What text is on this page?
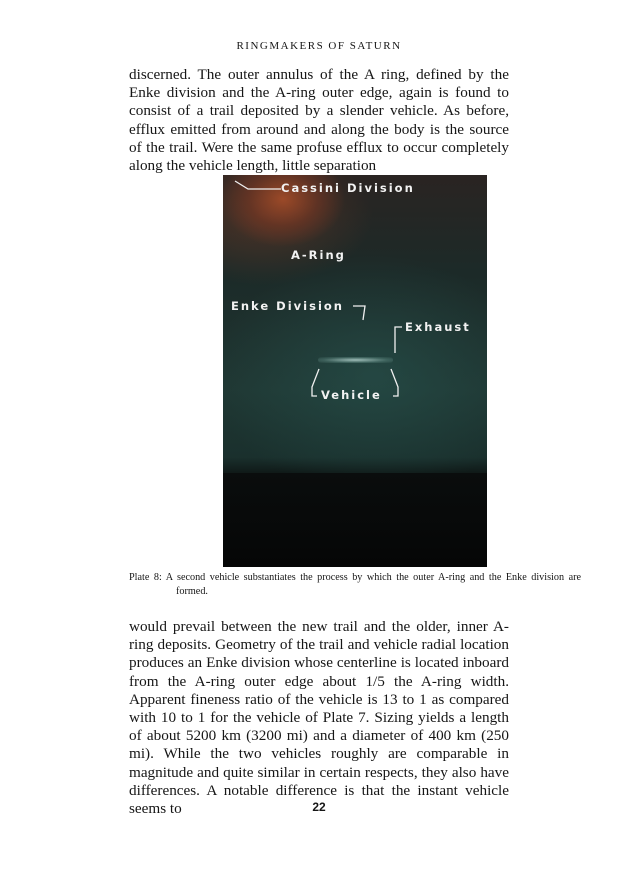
RINGMAKERS OF SATURN

discerned. The outer annulus of the A ring, defined by the Enke division and the A-ring outer edge, again is found to consist of a trail deposited by a slender vehicle. As before, efflux emitted from around and along the body is the source of the trail. Were the same profuse efflux to occur completely along the vehicle length, little separation

Cassini Division
A-Ring
Enke Division
Exhaust
Vehicle

Plate 8: A second vehicle substantiates the process by which the outer A-ring and the Enke division are formed.

would prevail between the new trail and the older, inner A-ring deposits. Geometry of the trail and vehicle radial location produces an Enke division whose centerline is located inboard from the A-ring outer edge about 1/5 the A-ring width. Apparent fineness ratio of the vehicle is 13 to 1 as compared with 10 to 1 for the vehicle of Plate 7. Sizing yields a length of about 5200 km (3200 mi) and a diameter of 400 km (250 mi). While the two vehicles roughly are comparable in magnitude and quite similar in certain respects, they also have differences. A notable difference is that the instant vehicle seems to	22
